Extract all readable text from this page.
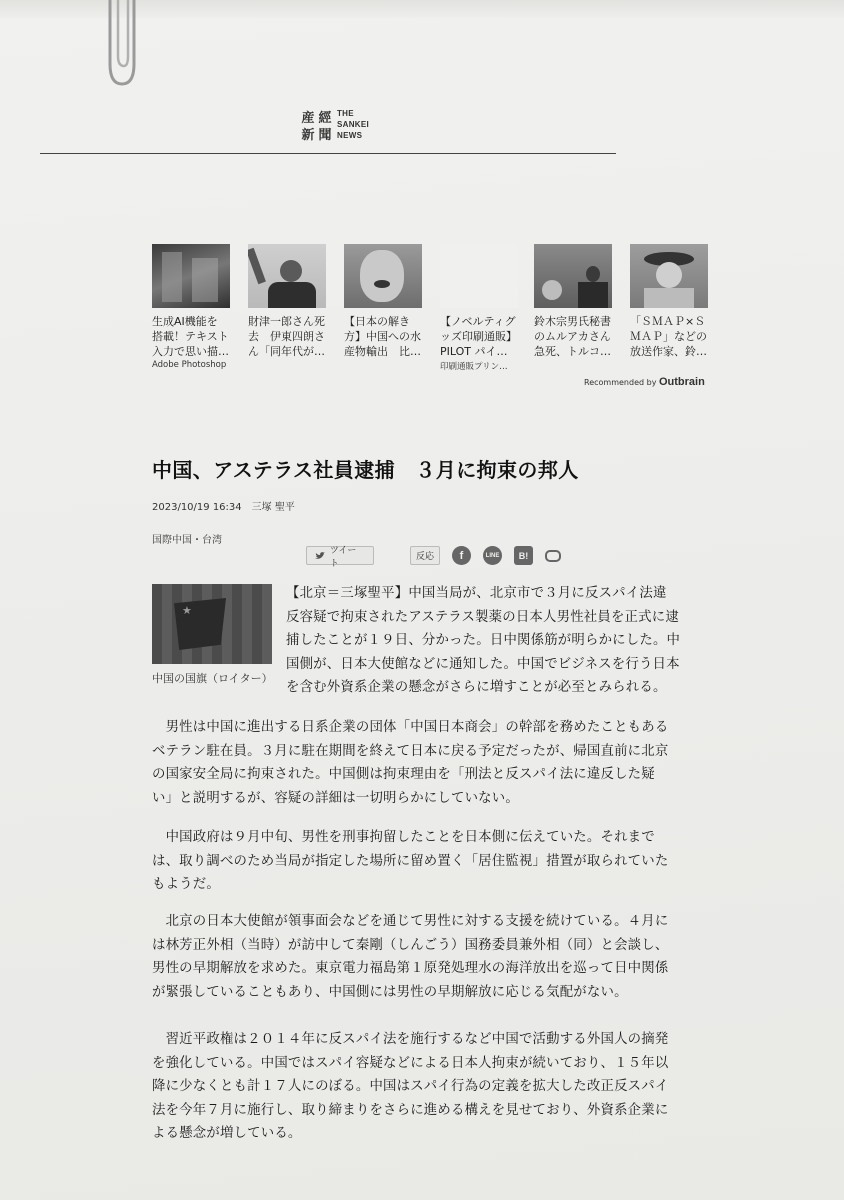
産 經
新 聞
THE
SANKEI
NEWS
生成AI機能を
搭載！テキスト
入力で思い描…
Adobe Photoshop
財津一郎さん死
去　伊東四朗さ
ん「同年代が…
【日本の解き
方】中国への水
産物輸出　比…
【ノベルティグ
ッズ印刷通販】
PILOT パイ…
印刷通販プリン…
鈴木宗男氏秘書
のムルアカさん
急死、トルコ…
「ＳＭＡＰ×Ｓ
ＭＡＰ」などの
放送作家、鈴…
Recommended by Outbrain
中国、アステラス社員逮捕　３月に拘束の邦人
2023/10/19 16:34 三塚 聖平
国際中国・台湾
ツイート
反応	f	LINE	B!
★
中国の国旗（ロイター）

【北京＝三塚聖平】中国当局が、北京市で３月に反スパイ法違
反容疑で拘束されたアステラス製薬の日本人男性社員を正式に逮
捕したことが１９日、分かった。日中関係筋が明らかにした。中
国側が、日本大使館などに通知した。中国でビジネスを行う日本
を含む外資系企業の懸念がさらに増すことが必至とみられる。

　男性は中国に進出する日系企業の団体「中国日本商会」の幹部を務めたこともある
ベテラン駐在員。３月に駐在期間を終えて日本に戻る予定だったが、帰国直前に北京
の国家安全局に拘束された。中国側は拘束理由を「刑法と反スパイ法に違反した疑
い」と説明するが、容疑の詳細は一切明らかにしていない。

　中国政府は９月中旬、男性を刑事拘留したことを日本側に伝えていた。それまで
は、取り調べのため当局が指定した場所に留め置く「居住監視」措置が取られていた
もようだ。

　北京の日本大使館が領事面会などを通じて男性に対する支援を続けている。４月に
は林芳正外相（当時）が訪中して秦剛（しんごう）国務委員兼外相（同）と会談し、
男性の早期解放を求めた。東京電力福島第１原発処理水の海洋放出を巡って日中関係
が緊張していることもあり、中国側には男性の早期解放に応じる気配がない。

　習近平政権は２０１４年に反スパイ法を施行するなど中国で活動する外国人の摘発
を強化している。中国ではスパイ容疑などによる日本人拘束が続いており、１５年以
降に少なくとも計１７人にのぼる。中国はスパイ行為の定義を拡大した改正反スパイ
法を今年７月に施行し、取り締まりをさらに進める構えを見せており、外資系企業に
よる懸念が増している。
